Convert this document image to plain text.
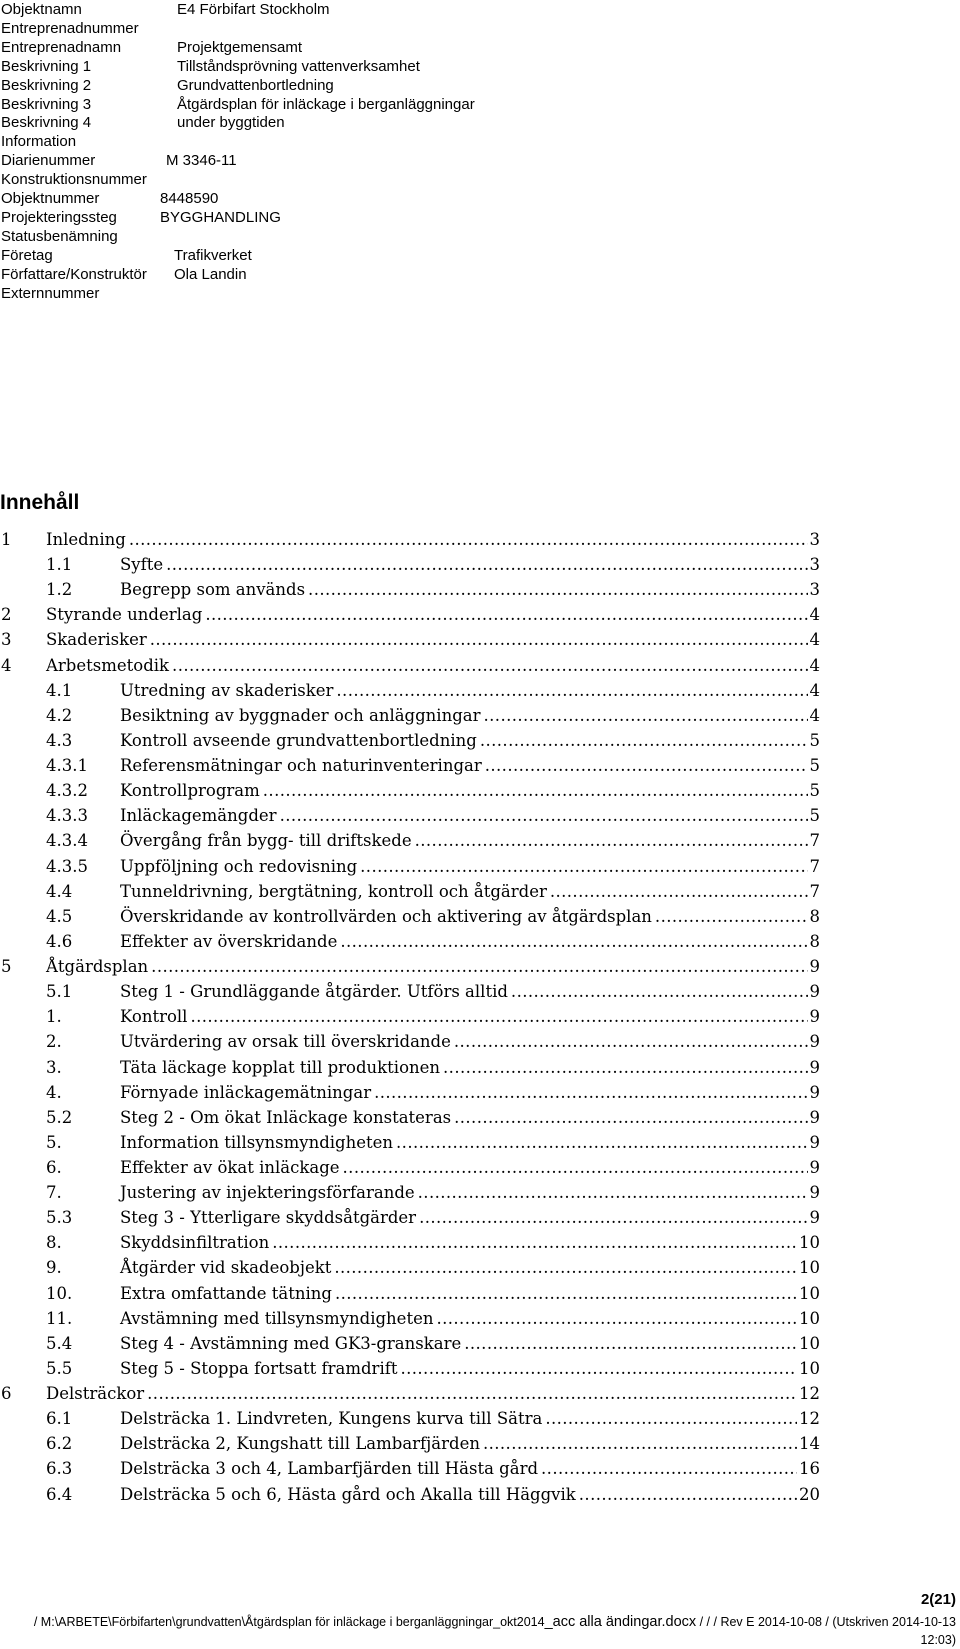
Objektnamn	E4 Förbifart Stockholm
Entreprenadnummer
Entreprenadnamn	Projektgemensamt
Beskrivning 1	Tillståndsprövning vattenverksamhet
Beskrivning 2	Grundvattenbortledning
Beskrivning 3	Åtgärdsplan för inläckage i berganläggningar
Beskrivning 4	under byggtiden
Information
Diarienummer	M 3346-11
Konstruktionsnummer
Objektnummer	8448590
Projekteringssteg	BYGGHANDLING
Statusbenämning
Företag	Trafikverket
Författare/Konstruktör Ola Landin
Externnummer
Innehåll
1 Inledning .....	3
1.1	Syfte .....	3
1.2	Begrepp som används .....	3
2 Styrande underlag .....	4
3 Skaderisker .....	4
4 Arbetsmetodik .....	4
4.1	Utredning av skaderisker .....	4
4.2	Besiktning av byggnader och anläggningar .....	4
4.3	Kontroll avseende grundvattenbortledning .....	5
4.3.1 Referensmätningar och naturinventeringar .....	5
4.3.2 Kontrollprogram .....	5
4.3.3 Inläckagemängder .....	5
4.3.4 Övergång från bygg- till driftskede .....	7
4.3.5 Uppföljning och redovisning .....	7
4.4	Tunneldrivning, bergtätning, kontroll och åtgärder .....	7
4.5	Överskridande av kontrollvärden och aktivering av åtgärdsplan .....	8
4.6	Effekter av överskridande .....	8
5 Åtgärdsplan .....	9
5.1	Steg 1 - Grundläggande åtgärder. Utförs alltid .....	9
1.	Kontroll .....	9
2.	Utvärdering av orsak till överskridande .....	9
3.	Täta läckage kopplat till produktionen .....	9
4.	Förnyade inläckagemätningar .....	9
5.2	Steg 2 - Om ökat Inläckage konstateras .....	9
5.	Information tillsynsmyndigheten .....	9
6.	Effekter av ökat inläckage .....	9
7.	Justering av injekteringsförfarande .....	9
5.3	Steg 3 - Ytterligare skyddsåtgärder .....	9
8.	Skyddsinfiltration .....	10
9.	Åtgärder vid skadeobjekt .....	10
10.	Extra omfattande tätning .....	10
11.	Avstämning med tillsynsmyndigheten .....	10
5.4	Steg 4 - Avstämning med GK3-granskare .....	10
5.5	Steg 5 - Stoppa fortsatt framdrift .....	10
6 Delsträckor .....	12
6.1	Delsträcka 1. Lindvreten, Kungens kurva till Sätra .....	12
6.2	Delsträcka 2, Kungshatt till Lambarfjärden .....	14
6.3	Delsträcka 3 och 4, Lambarfjärden till Hästa gård .....	16
6.4	Delsträcka 5 och 6, Hästa gård och Akalla till Häggvik .....	20
2(21)
/ M:\ARBETE\Förbifarten\grundvatten\Åtgärdsplan för inläckage i berganläggningar_okt2014_acc alla ändingar.docx / / / Rev E 2014-10-08 / (Utskriven 2014-10-13 12:03)
